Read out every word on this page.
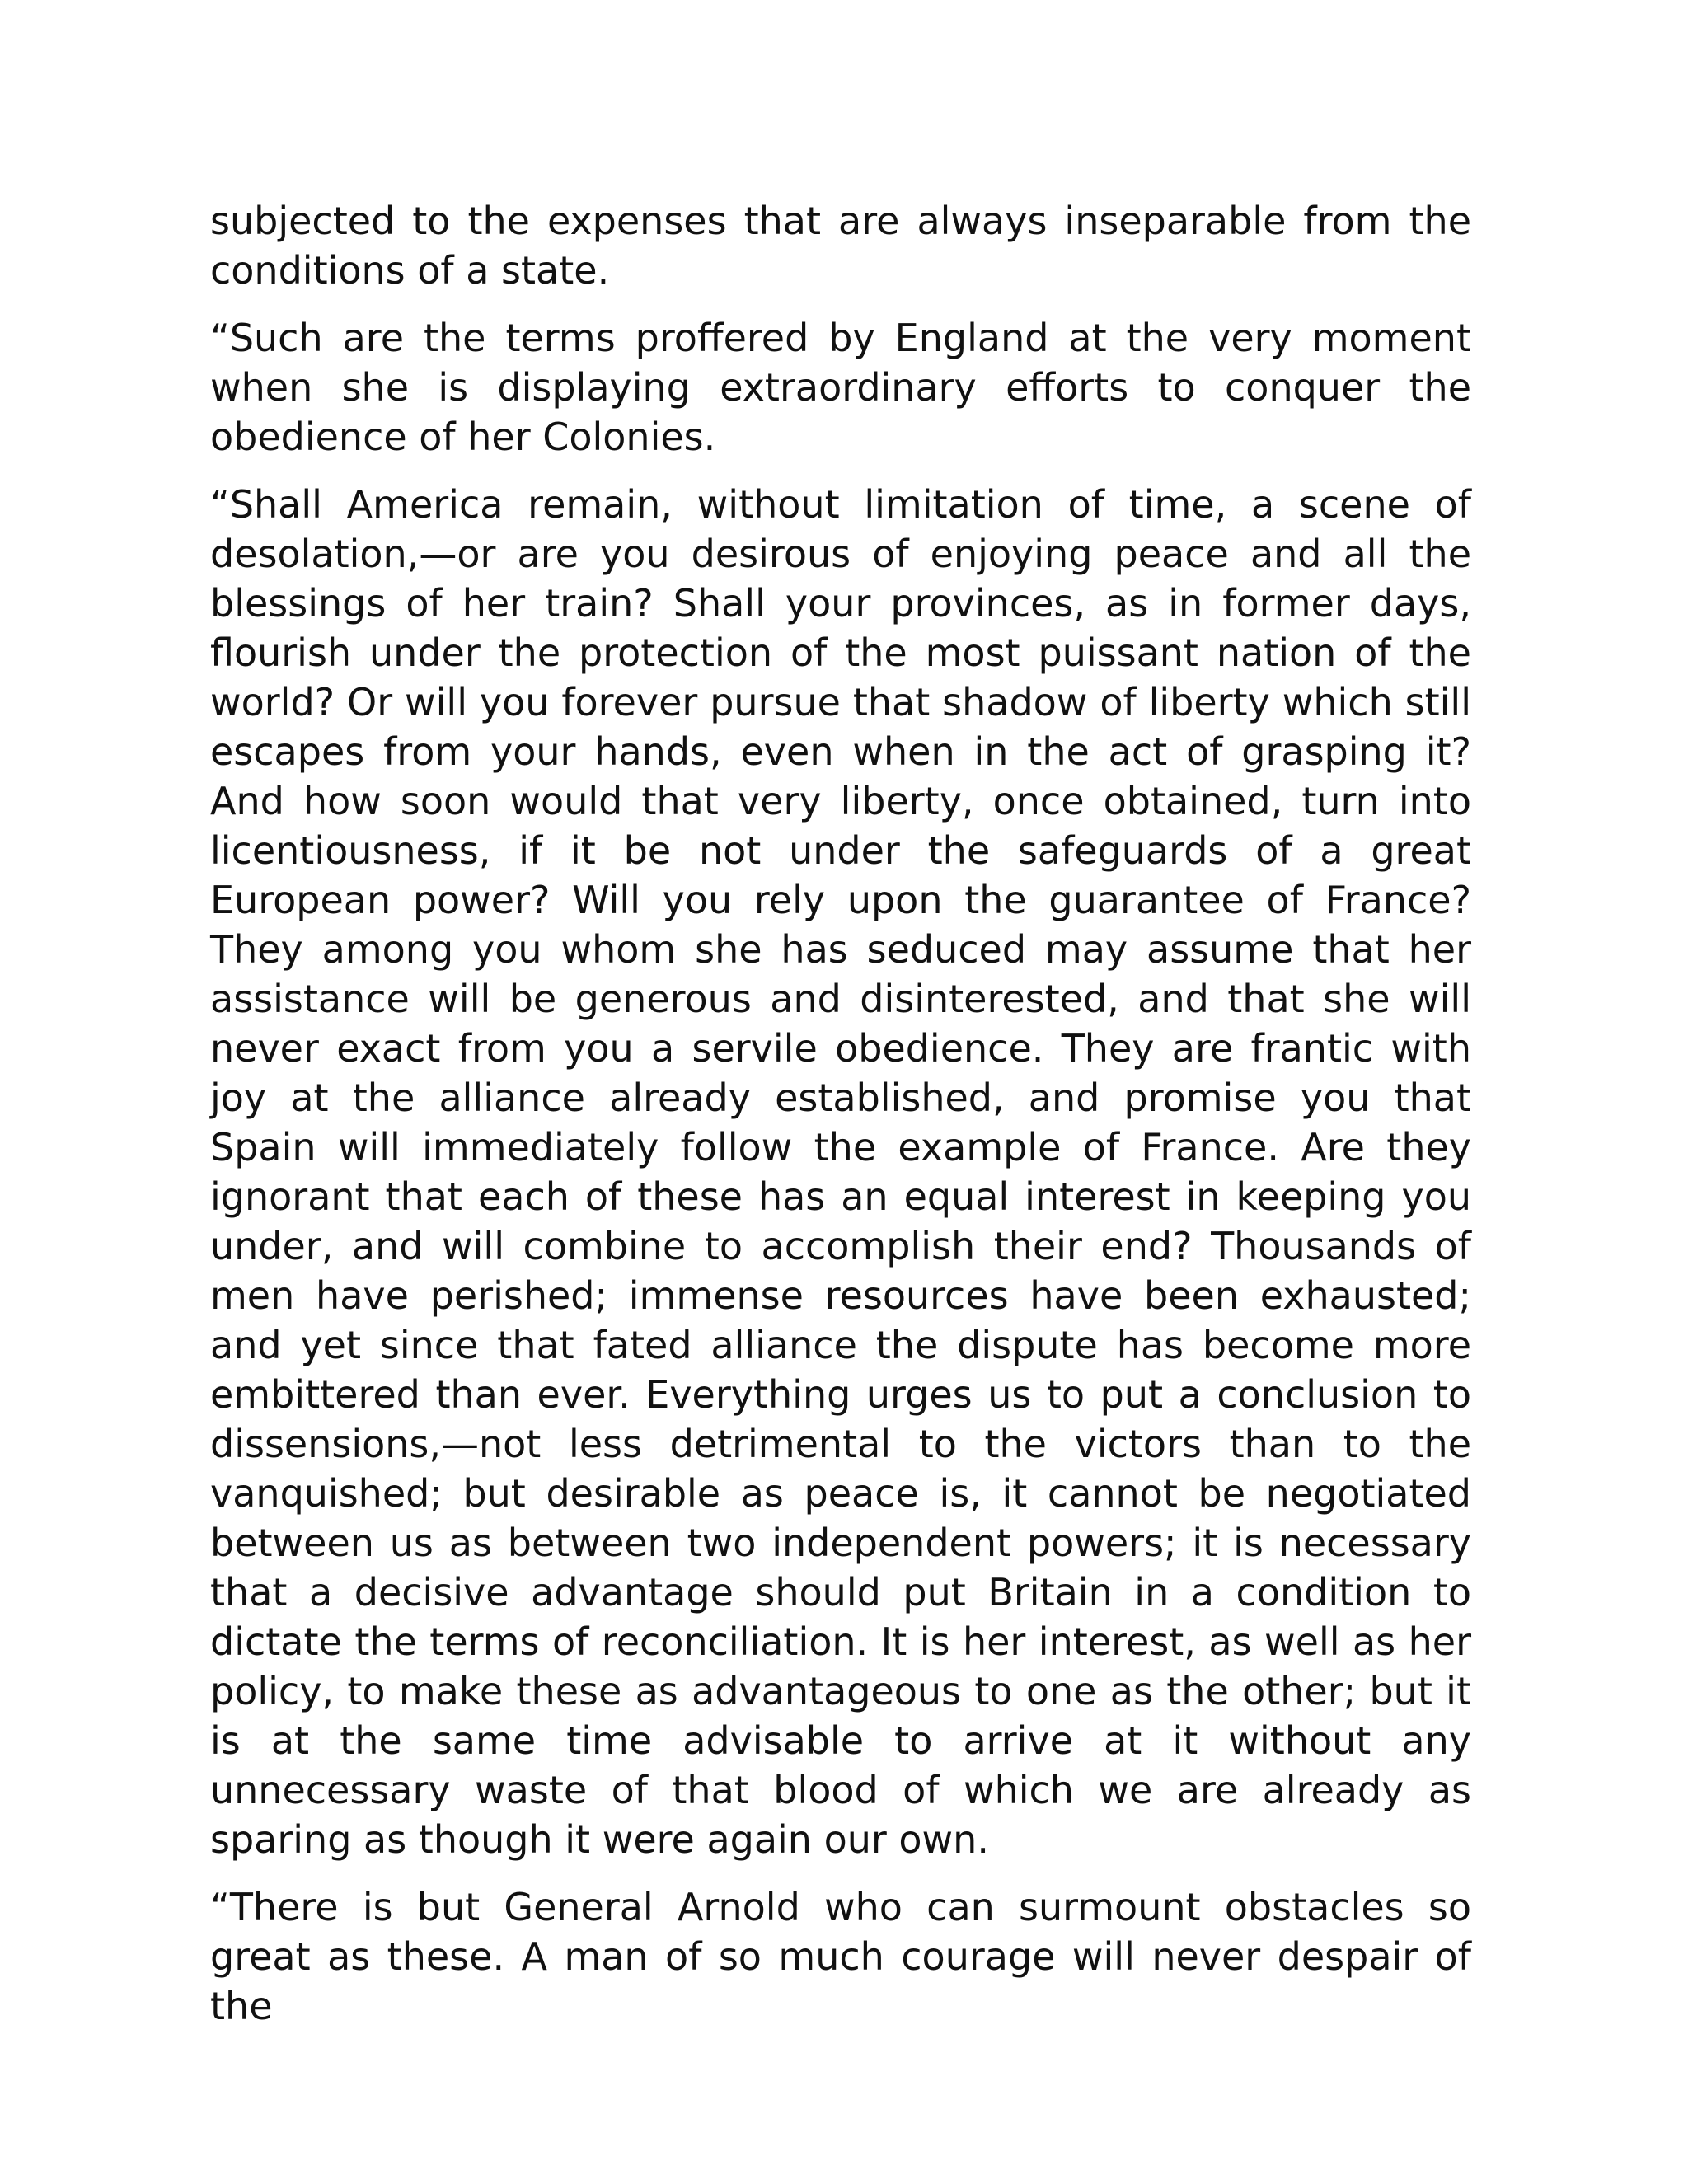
subjected to the expenses that are always inseparable from the conditions of a state.

“Such are the terms proffered by England at the very moment when she is displaying extraordinary efforts to conquer the obedience of her Colonies.

“Shall America remain, without limitation of time, a scene of desolation,—or are you desirous of enjoying peace and all the blessings of her train? Shall your provinces, as in former days, flourish under the protection of the most puissant nation of the world? Or will you forever pursue that shadow of liberty which still escapes from your hands, even when in the act of grasping it? And how soon would that very liberty, once obtained, turn into licentiousness, if it be not under the safeguards of a great European power? Will you rely upon the guarantee of France? They among you whom she has seduced may assume that her assistance will be generous and disinterested, and that she will never exact from you a servile obedience. They are frantic with joy at the alliance already established, and promise you that Spain will immediately follow the example of France. Are they ignorant that each of these has an equal interest in keeping you under, and will combine to accomplish their end? Thousands of men have perished; immense resources have been exhausted; and yet since that fated alliance the dispute has become more embittered than ever. Everything urges us to put a conclusion to dissensions,—not less detrimental to the victors than to the vanquished; but desirable as peace is, it cannot be negotiated between us as between two independent powers; it is necessary that a decisive advantage should put Britain in a condition to dictate the terms of reconciliation. It is her interest, as well as her policy, to make these as advantageous to one as the other; but it is at the same time advisable to arrive at it without any unnecessary waste of that blood of which we are already as sparing as though it were again our own.

“There is but General Arnold who can surmount obstacles so great as these. A man of so much courage will never despair of the
